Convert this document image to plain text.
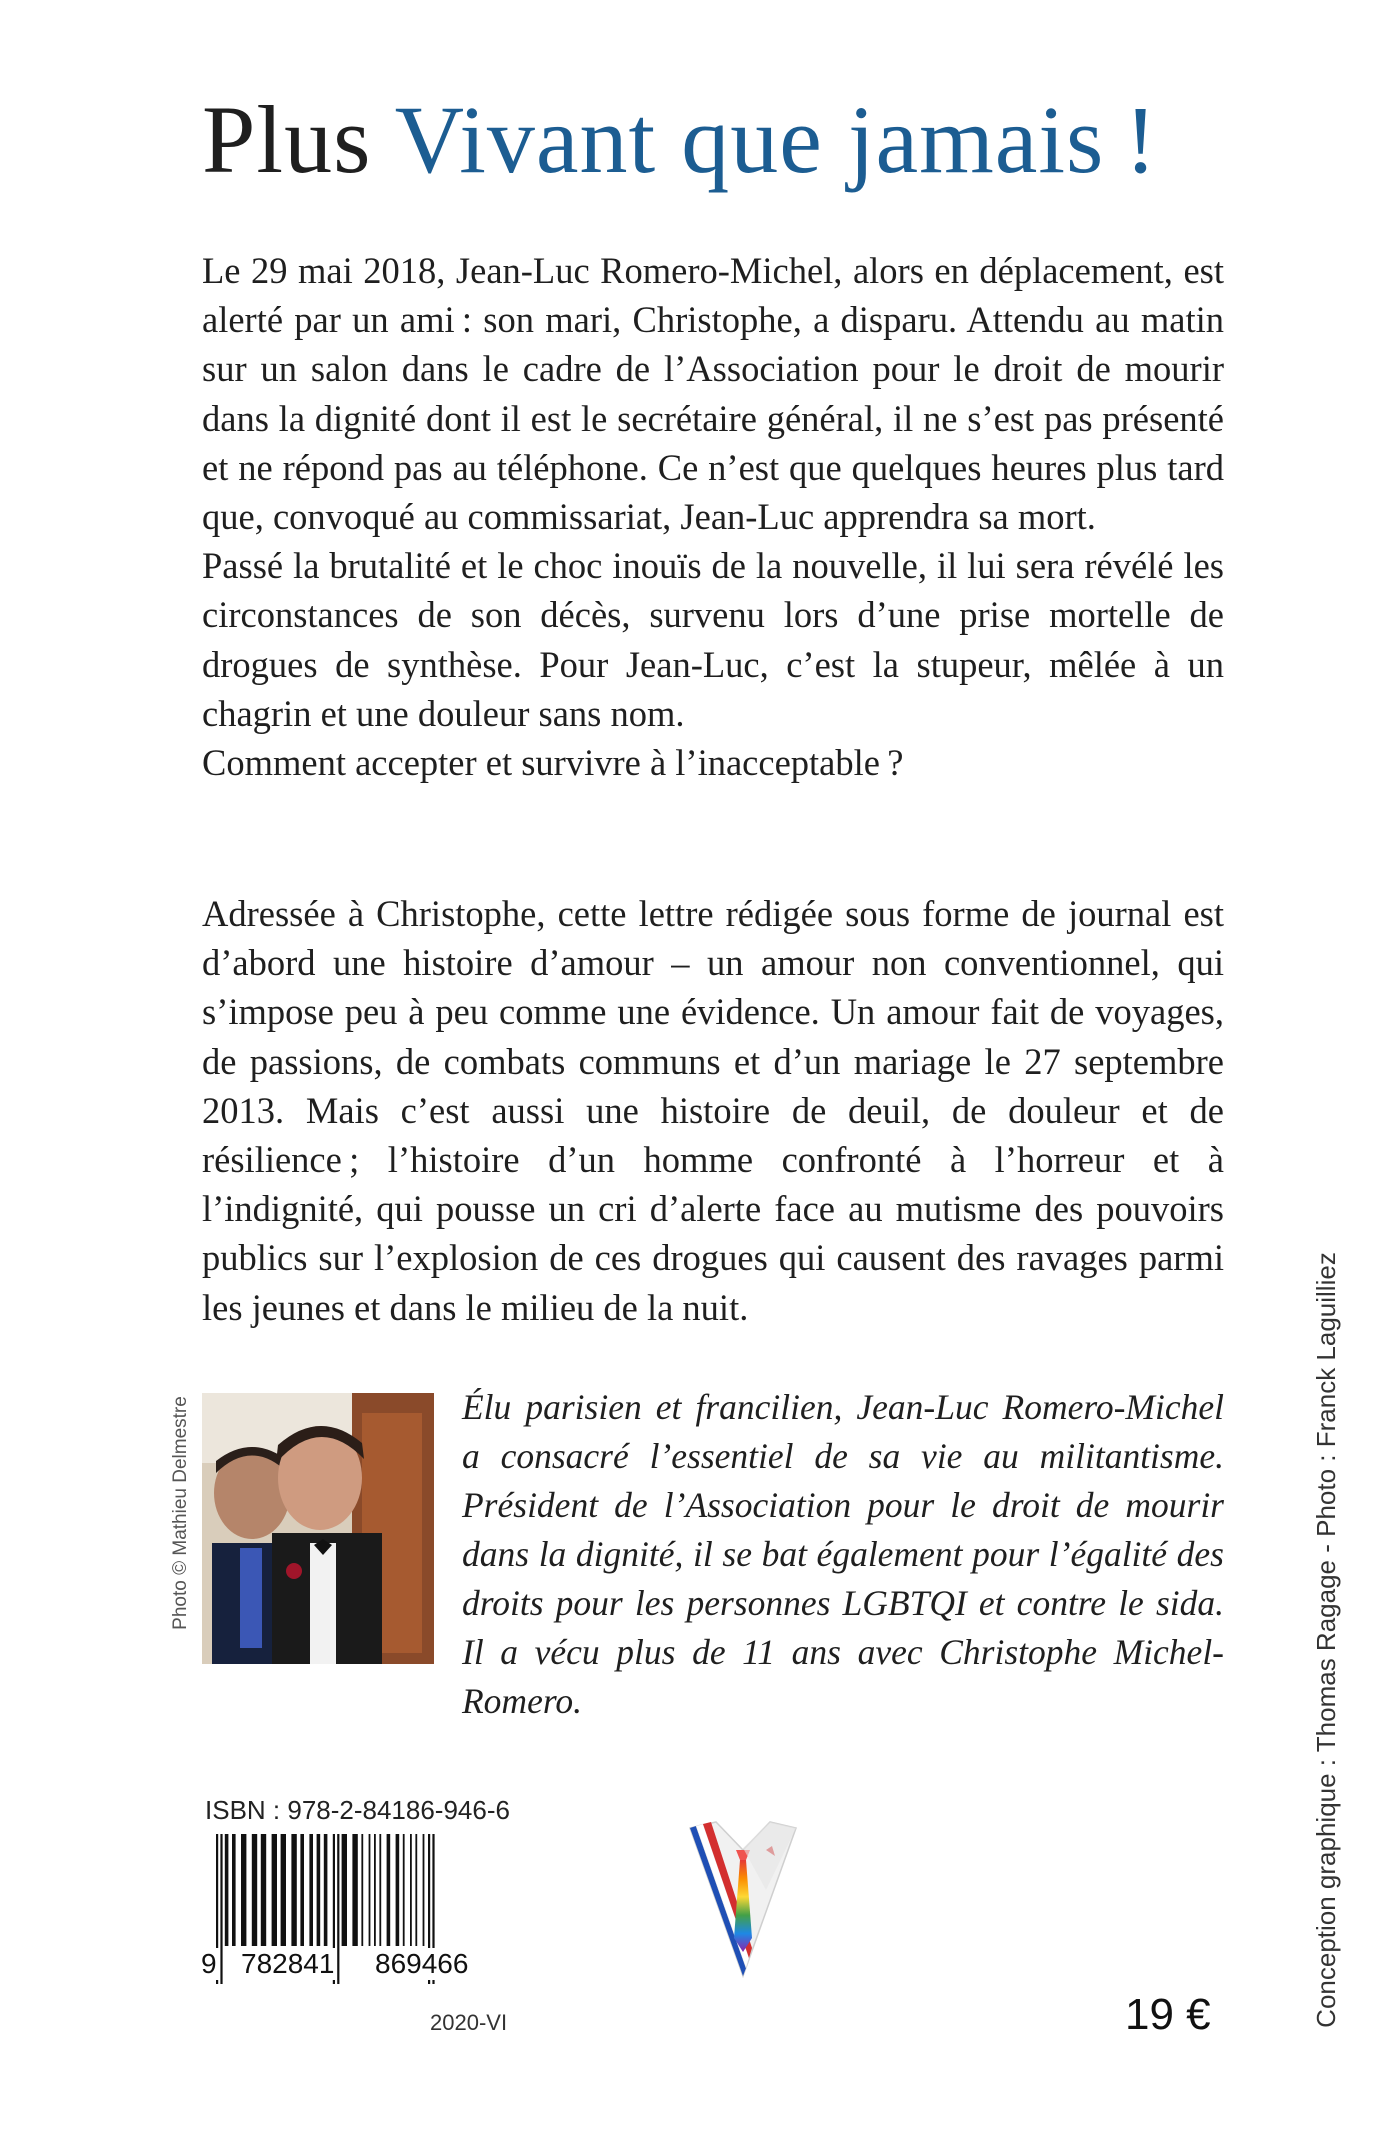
Plus Vivant que jamais !

Le 29 mai 2018, Jean-Luc Romero-Michel, alors en déplacement, est alerté par un ami : son mari, Christophe, a disparu. Attendu au matin sur un salon dans le cadre de l’Association pour le droit de mourir dans la dignité dont il est le secrétaire général, il ne s’est pas présenté et ne répond pas au téléphone. Ce n’est que quelques heures plus tard que, convoqué au commissariat, Jean-Luc apprendra sa mort.

Passé la brutalité et le choc inouïs de la nouvelle, il lui sera révélé les circonstances de son décès, survenu lors d’une prise mortelle de drogues de synthèse. Pour Jean-Luc, c’est la stupeur, mêlée à un chagrin et une douleur sans nom.

Comment accepter et survivre à l’inacceptable ?

Adressée à Christophe, cette lettre rédigée sous forme de journal est d’abord une histoire d’amour – un amour non conventionnel, qui s’impose peu à peu comme une évidence. Un amour fait de voyages, de passions, de combats communs et d’un mariage le 27 septembre 2013. Mais c’est aussi une histoire de deuil, de douleur et de résilience ; l’histoire d’un homme confronté à l’horreur et à l’indignité, qui pousse un cri d’alerte face au mutisme des pouvoirs publics sur l’explosion de ces drogues qui causent des ravages parmi les jeunes et dans le milieu de la nuit.

Photo © Mathieu Delmestre	Élu parisien et francilien, Jean-Luc Romero-Michel a consacré l’essentiel de sa vie au militantisme. Président de l’Association pour le droit de mourir dans la dignité, il se bat également pour l’égalité des droits pour les personnes LGBTQI et contre le sida. Il a vécu plus de 11 ans avec Christophe Michel-Romero.	Conception graphique : Thomas Ragage - Photo : Franck Laguilliez
ISBN : 978-2-84186-946-6
9 782841 869466
2020-VI	19 €
